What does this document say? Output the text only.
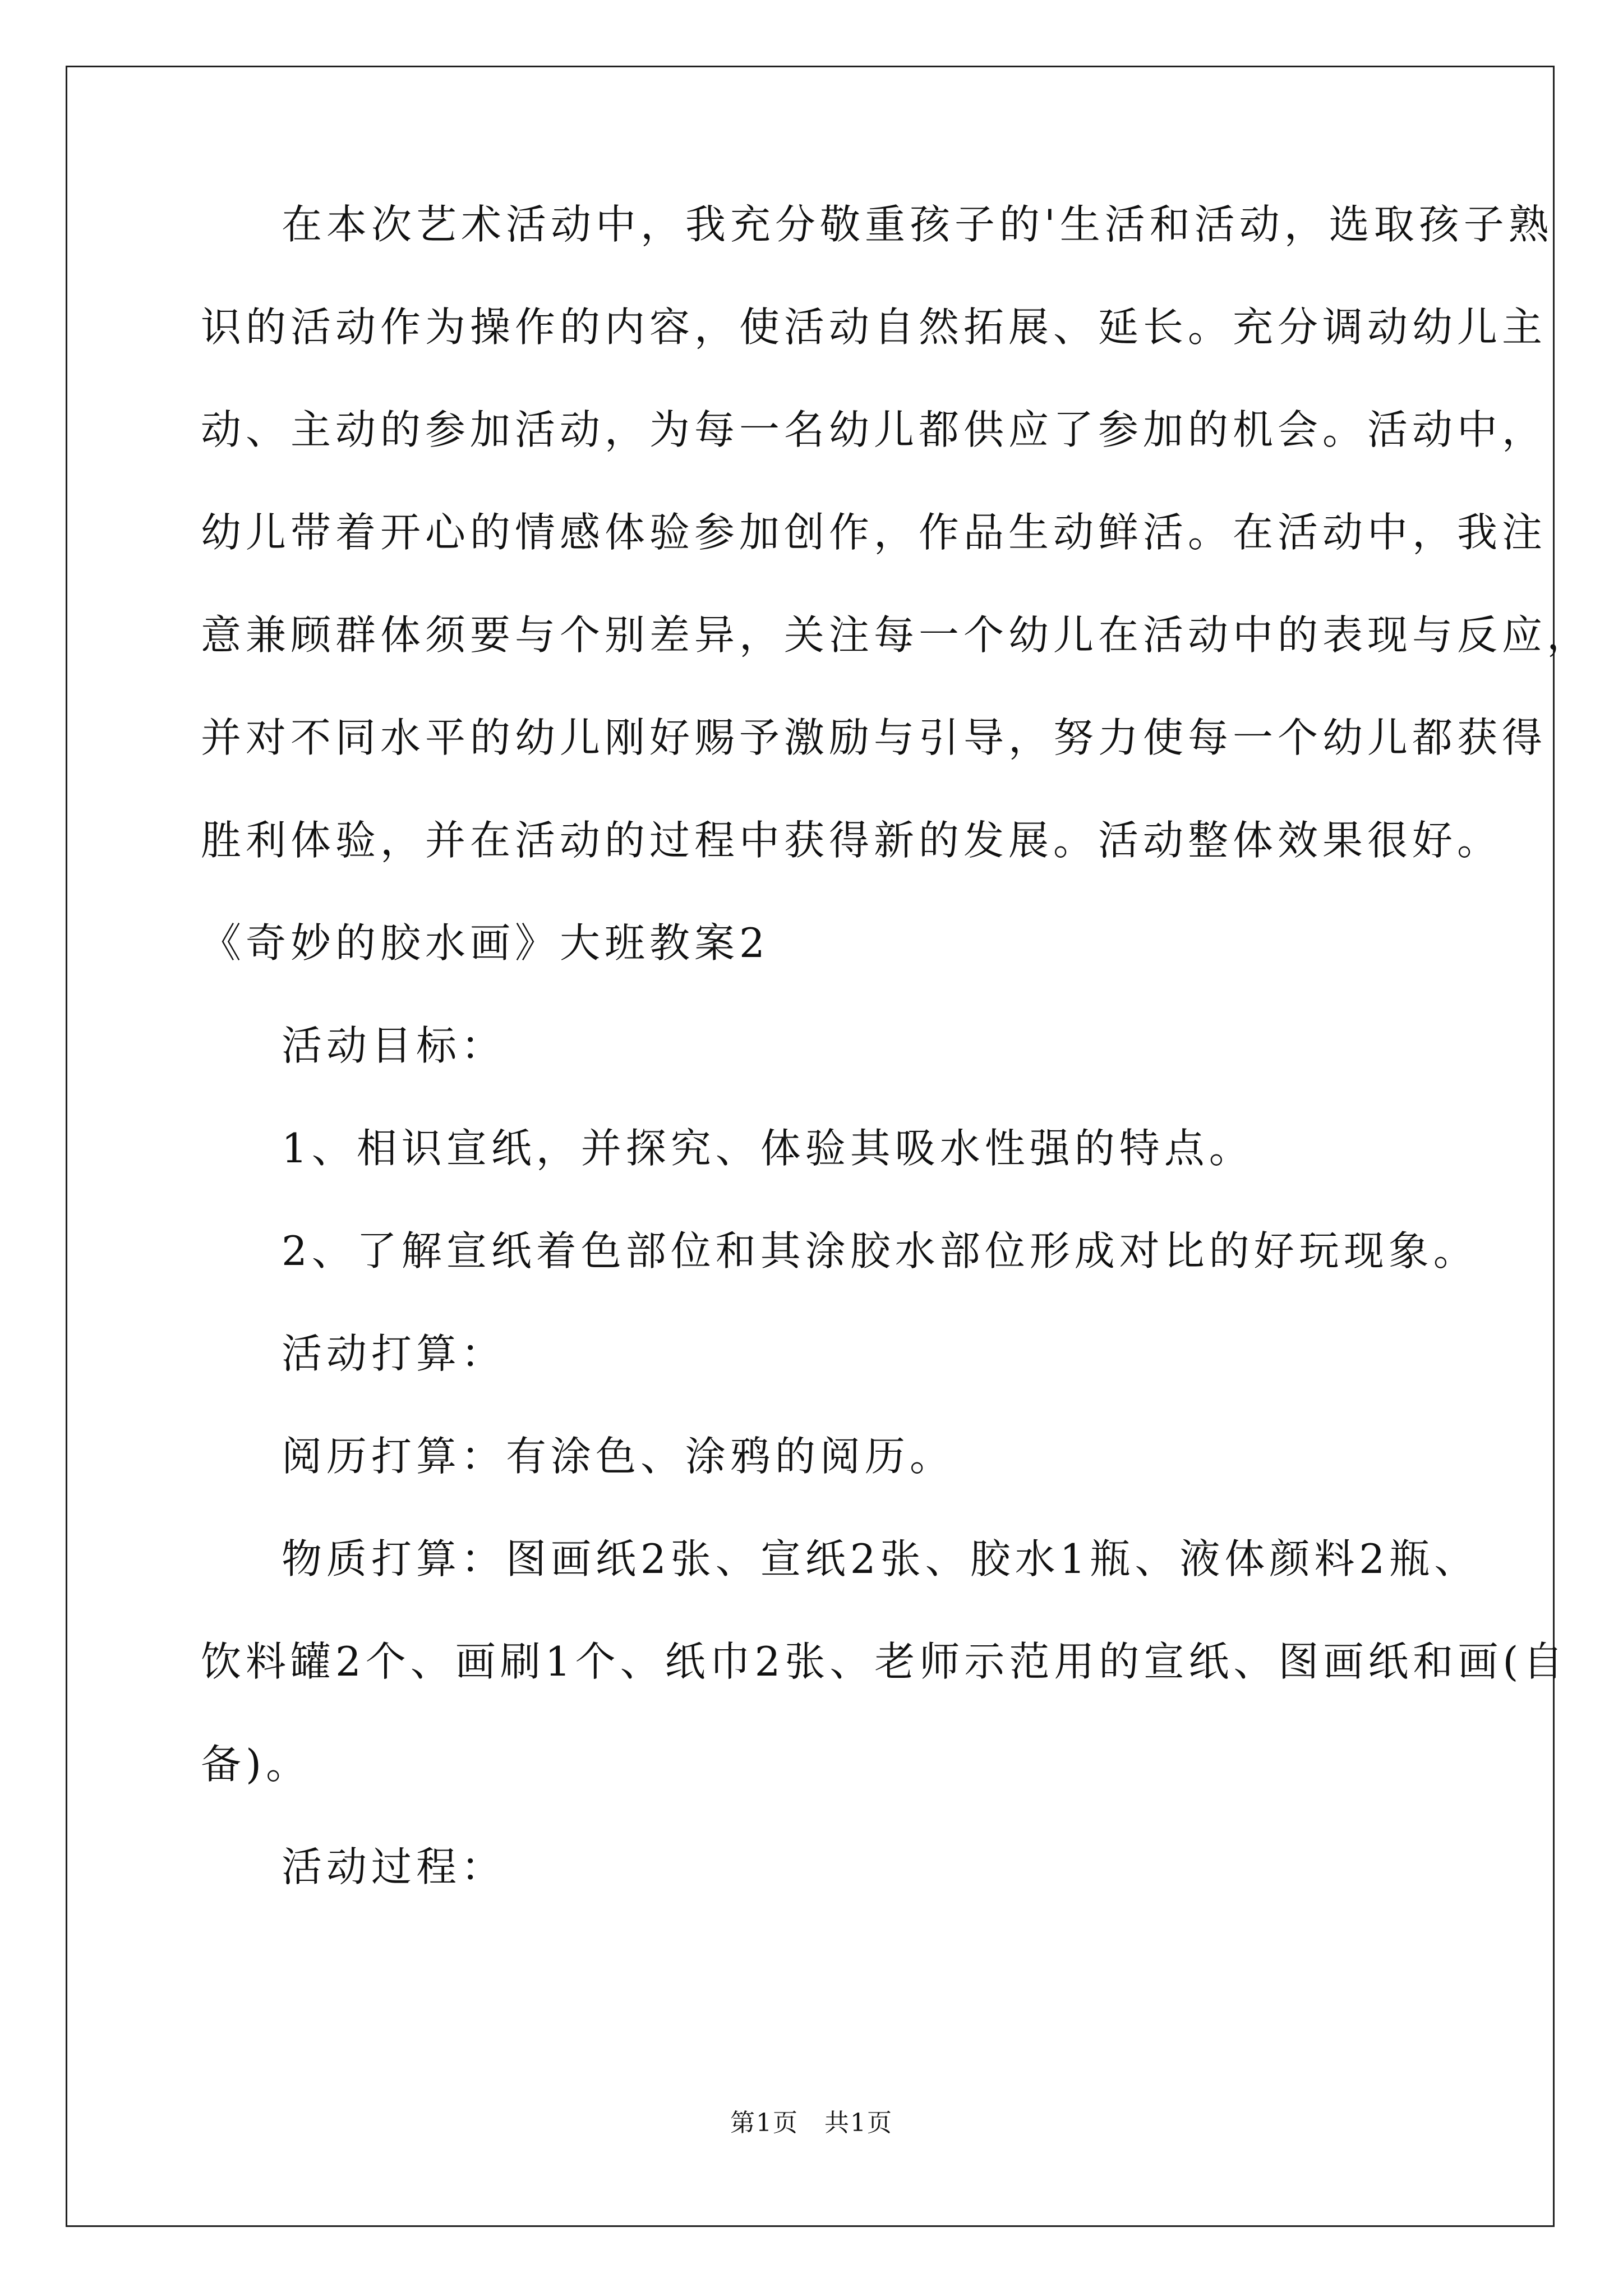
在本次艺术活动中，我充分敬重孩子的'生活和活动，选取孩子熟
识的活动作为操作的内容，使活动自然拓展、延长。充分调动幼儿主
动、主动的参加活动，为每一名幼儿都供应了参加的机会。活动中，
幼儿带着开心的情感体验参加创作，作品生动鲜活。在活动中，我注
意兼顾群体须要与个别差异，关注每一个幼儿在活动中的表现与反应，
并对不同水平的幼儿刚好赐予激励与引导，努力使每一个幼儿都获得
胜利体验，并在活动的过程中获得新的发展。活动整体效果很好。
《奇妙的胶水画》大班教案2
活动目标：
1、相识宣纸，并探究、体验其吸水性强的特点。
2、了解宣纸着色部位和其涂胶水部位形成对比的好玩现象。
活动打算：
阅历打算：有涂色、涂鸦的阅历。
物质打算：图画纸2张、宣纸2张、胶水1瓶、液体颜料2瓶、
饮料罐2个、画刷1个、纸巾2张、老师示范用的宣纸、图画纸和画(自
备)。
活动过程：
第1页　共1页
